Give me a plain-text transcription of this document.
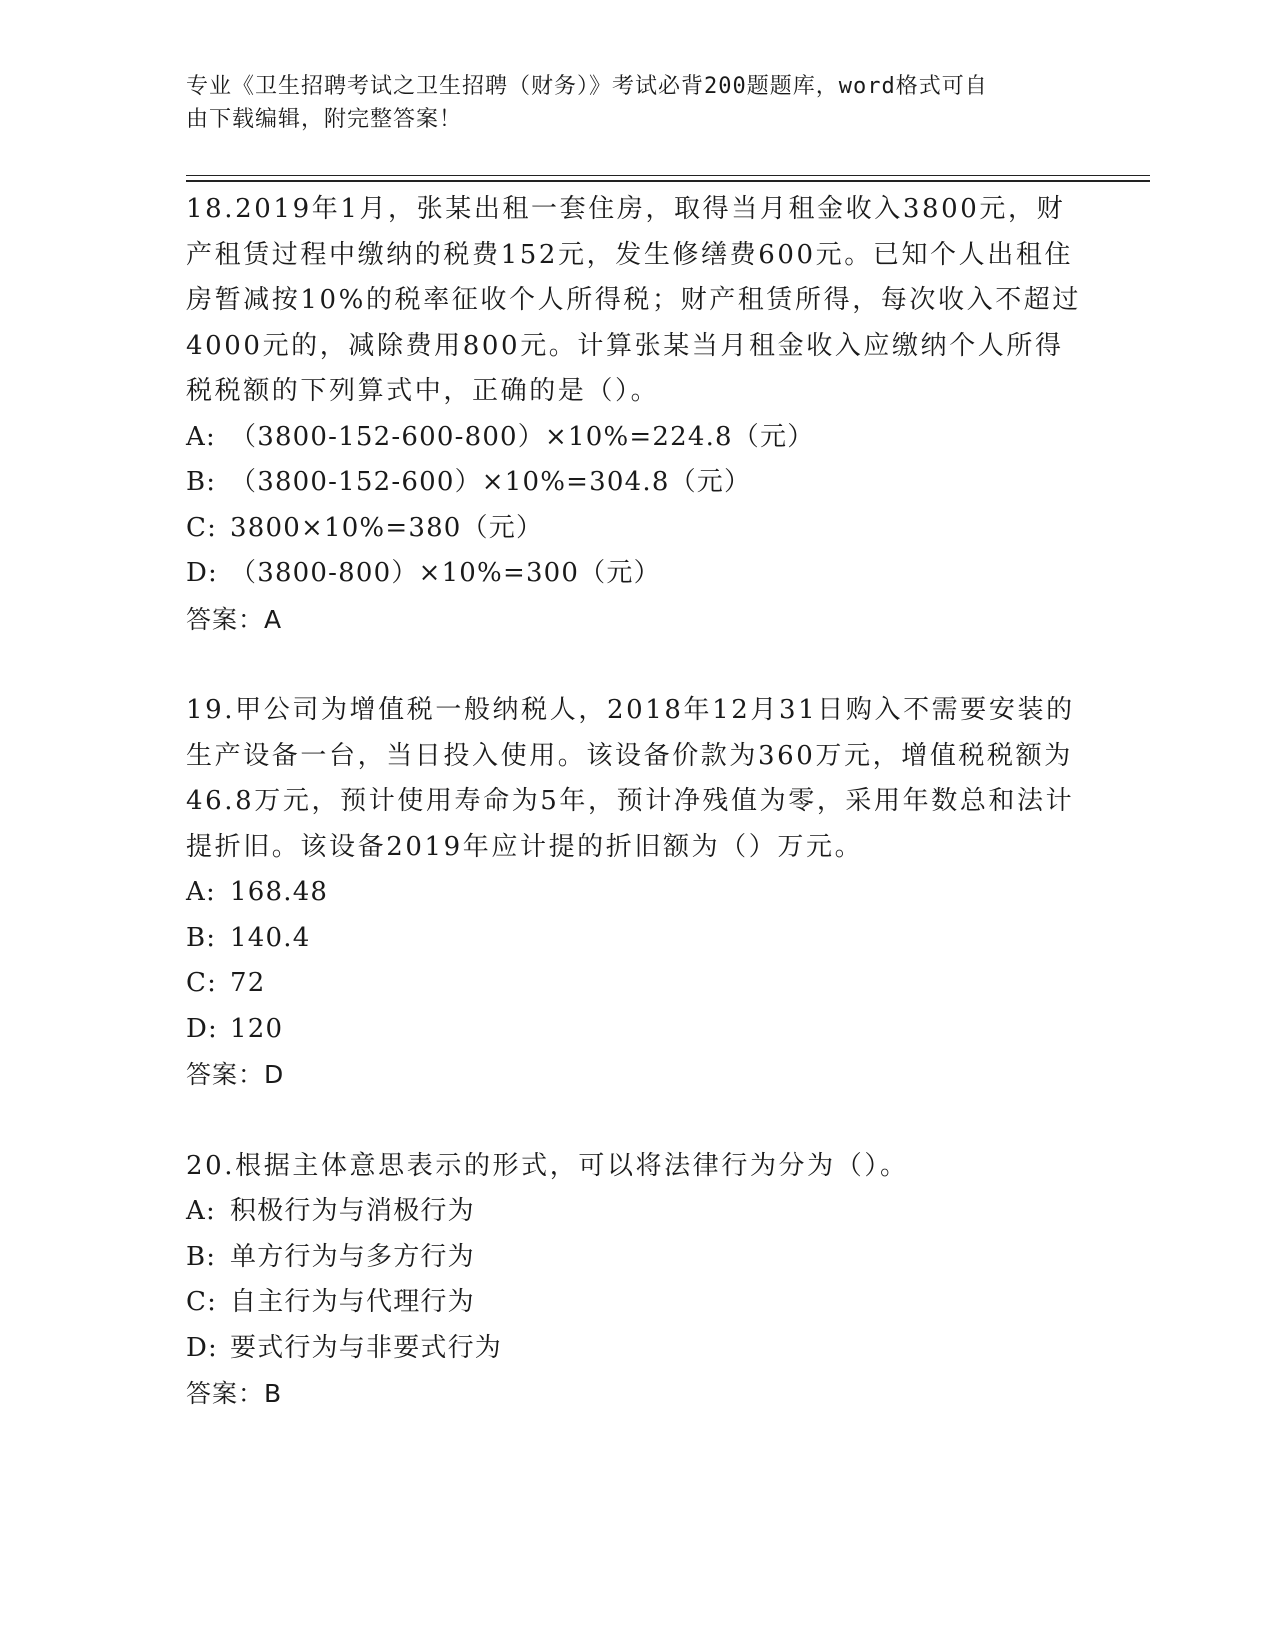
专业《卫生招聘考试之卫生招聘（财务）》考试必背200题题库，word格式可自
由下载编辑，附完整答案！

18.2019年1月，张某出租一套住房，取得当月租金收入3800元，财产租赁过程中缴纳的税费152元，发生修缮费600元。已知个人出租住房暂减按10%的税率征收个人所得税；财产租赁所得，每次收入不超过4000元的，减除费用800元。计算张某当月租金收入应缴纳个人所得税税额的下列算式中，正确的是（）。

A: （3800-152-600-800）×10%=224.8（元）
B: （3800-152-600）×10%=304.8（元）
C: 3800×10%=380（元）
D: （3800-800）×10%=300（元）
答案：A

19.甲公司为增值税一般纳税人，2018年12月31日购入不需要安装的生产设备一台，当日投入使用。该设备价款为360万元，增值税税额为46.8万元，预计使用寿命为5年，预计净残值为零，采用年数总和法计提折旧。该设备2019年应计提的折旧额为（）万元。

A: 168.48
B: 140.4
C: 72
D: 120
答案：D

20.根据主体意思表示的形式，可以将法律行为分为（）。

A: 积极行为与消极行为
B: 单方行为与多方行为
C: 自主行为与代理行为
D: 要式行为与非要式行为
答案：B
